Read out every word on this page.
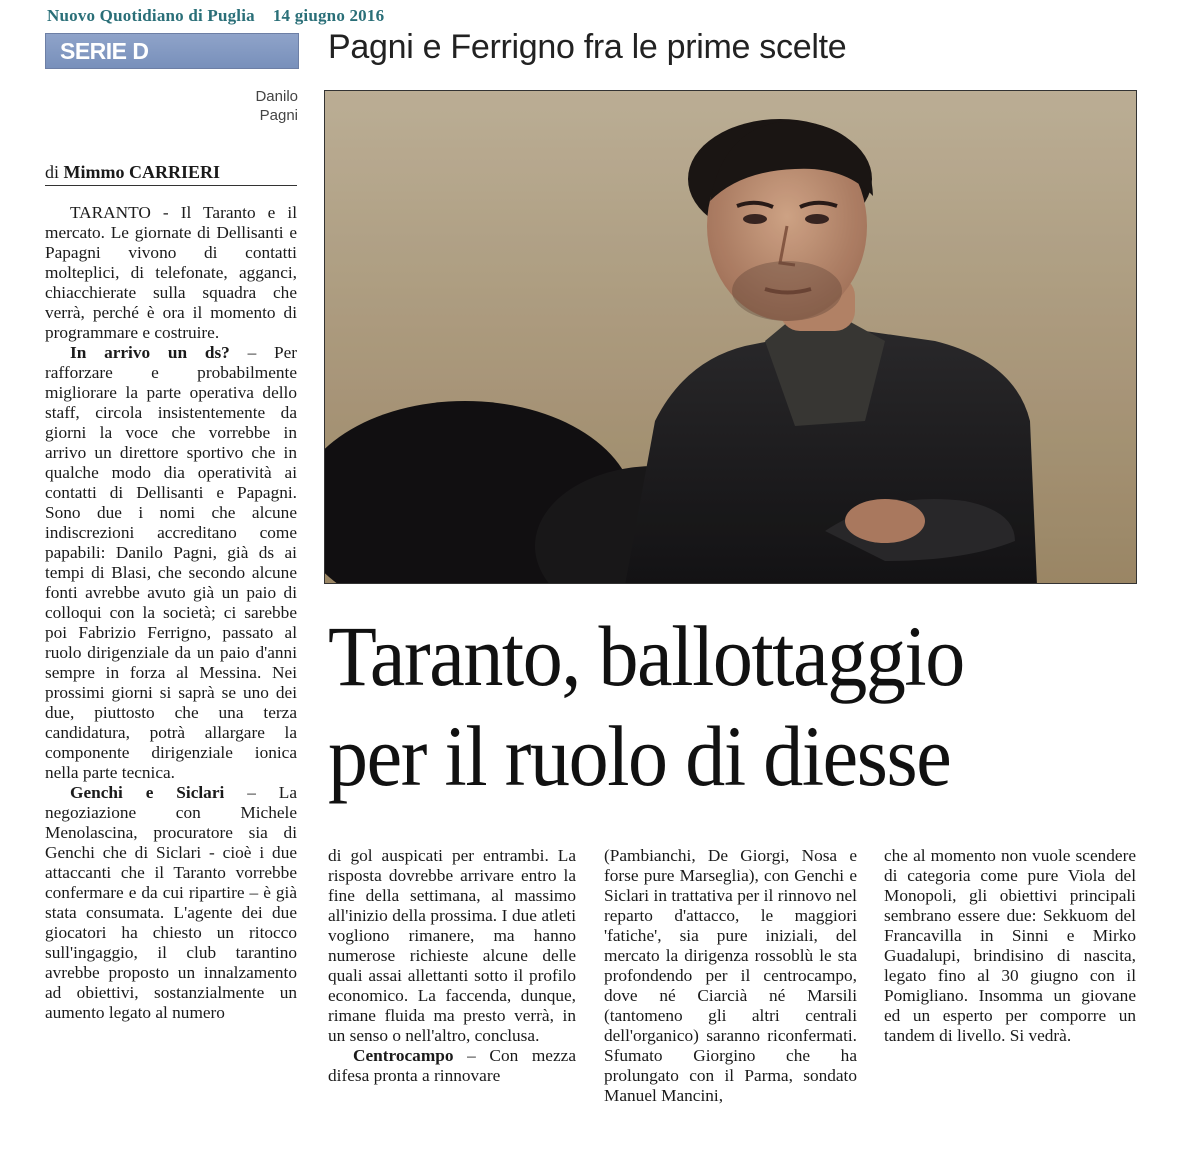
Nuovo Quotidiano di Puglia 14 giugno 2016
SERIE D	Pagni e Ferrigno fra le prime scelte
Danilo
Pagni
di Mimmo CARRIERI
Taranto, ballottaggio
per il ruolo di diesse

TARANTO - Il Taranto e il mercato. Le giornate di Dellisanti e Papagni vivono di contatti molteplici, di telefonate, agganci, chiacchierate sulla squadra che verrà, perché è ora il momento di programmare e costruire.

In arrivo un ds? – Per rafforzare e probabilmente migliorare la parte operativa dello staff, circola insistentemente da giorni la voce che vorrebbe in arrivo un direttore sportivo che in qualche modo dia operatività ai contatti di Dellisanti e Papagni. Sono due i nomi che alcune indiscrezioni accreditano come papabili: Danilo Pagni, già ds ai tempi di Blasi, che secondo alcune fonti avrebbe avuto già un paio di colloqui con la società; ci sarebbe poi Fabrizio Ferrigno, passato al ruolo dirigenziale da un paio d'anni sempre in forza al Messina. Nei prossimi giorni si saprà se uno dei due, piuttosto che una terza candidatura, potrà allargare la componente dirigenziale ionica nella parte tecnica.

Genchi e Siclari – La negoziazione con Michele Menolascina, procuratore sia di Genchi che di Siclari - cioè i due attaccanti che il Taranto vorrebbe confermare e da cui ripartire – è già stata consumata. L'agente dei due giocatori ha chiesto un ritocco sull'ingaggio, il club tarantino avrebbe proposto un innalzamento ad obiettivi, sostanzialmente un aumento legato al numero

di gol auspicati per entrambi. La risposta dovrebbe arrivare entro la fine della settimana, al massimo all'inizio della prossima. I due atleti vogliono rimanere, ma hanno numerose richieste alcune delle quali assai allettanti sotto il profilo economico. La faccenda, dunque, rimane fluida ma presto verrà, in un senso o nell'altro, conclusa.

Centrocampo – Con mezza difesa pronta a rinnovare

(Pambianchi, De Giorgi, Nosa e forse pure Marseglia), con Genchi e Siclari in trattativa per il rinnovo nel reparto d'attacco, le maggiori 'fatiche', sia pure iniziali, del mercato la dirigenza rossoblù le sta profondendo per il centrocampo, dove né Ciarcià né Marsili (tantomeno gli altri centrali dell'organico) saranno riconfermati. Sfumato Giorgino che ha prolungato con il Parma, sondato Manuel Mancini,

che al momento non vuole scendere di categoria come pure Viola del Monopoli, gli obiettivi principali sembrano essere due: Sekkuom del Francavilla in Sinni e Mirko Guadalupi, brindisino di nascita, legato fino al 30 giugno con il Pomigliano. Insomma un giovane ed un esperto per comporre un tandem di livello. Si vedrà.
